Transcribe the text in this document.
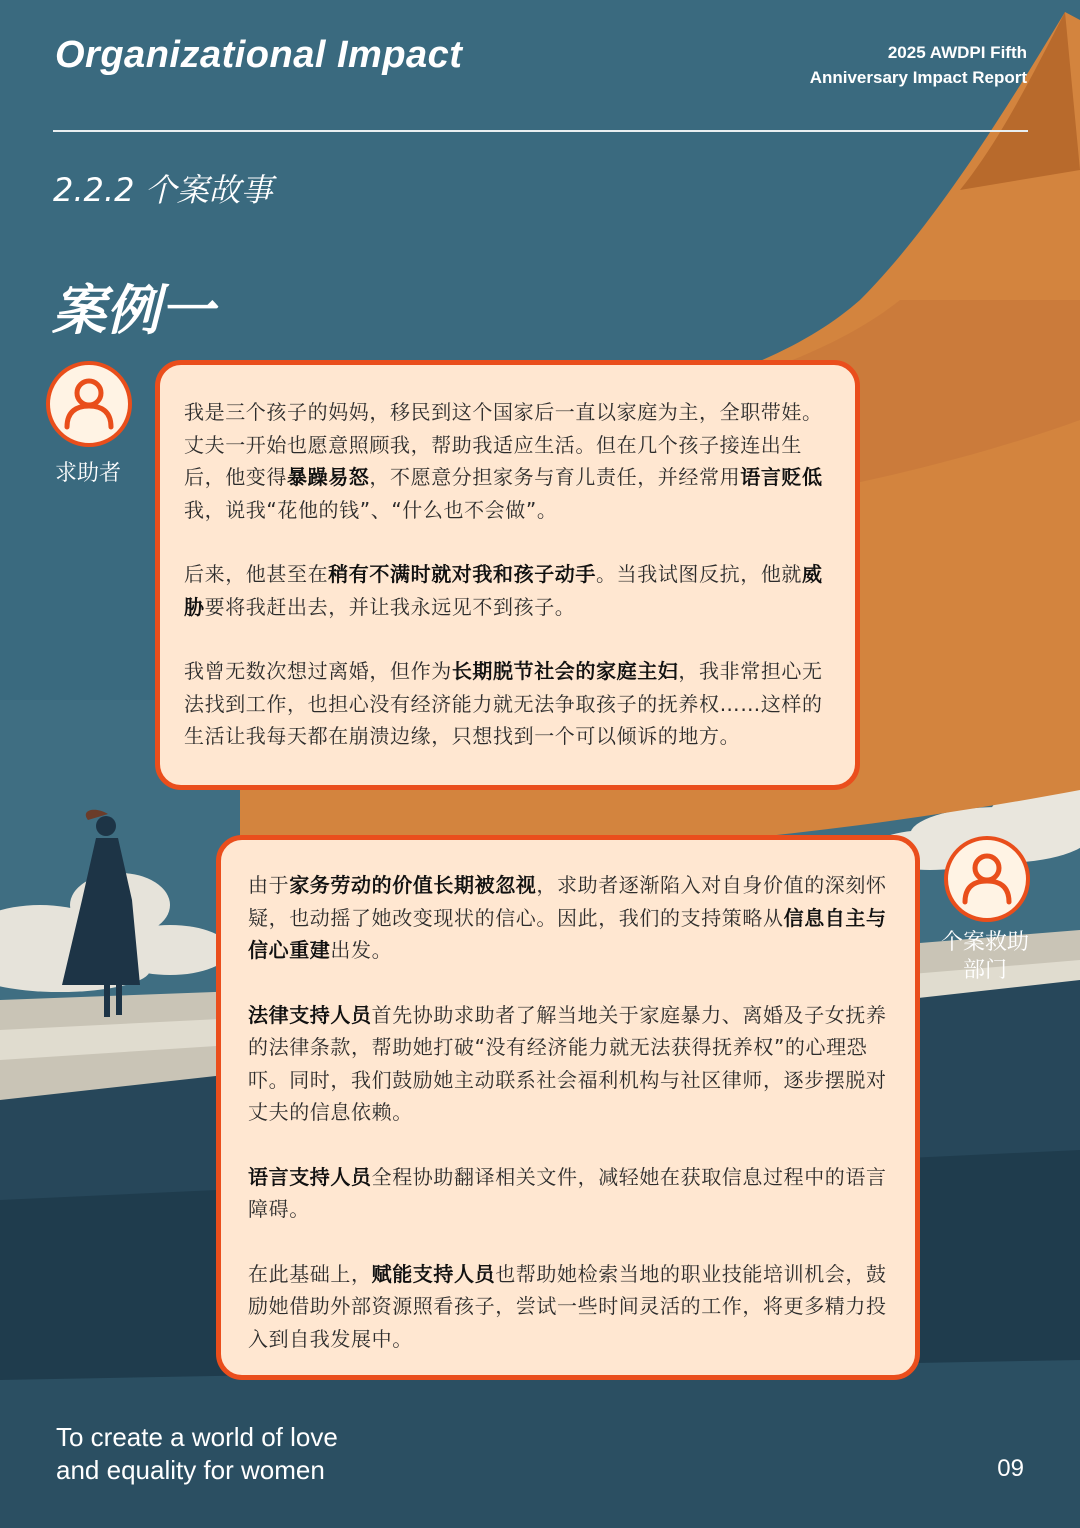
Organizational Impact	2025 AWDPI Fifth
Anniversary Impact Report
2.2.2 个案故事
案例一
求助者

我是三个孩子的妈妈，移民到这个国家后一直以家庭为主，全职带娃。丈夫一开始也愿意照顾我，帮助我适应生活。但在几个孩子接连出生后，他变得暴躁易怒，不愿意分担家务与育儿责任，并经常用语言贬低我，说我“花他的钱”、“什么也不会做”。

后来，他甚至在稍有不满时就对我和孩子动手。当我试图反抗，他就威胁要将我赶出去，并让我永远见不到孩子。

我曾无数次想过离婚，但作为长期脱节社会的家庭主妇，我非常担心无法找到工作，也担心没有经济能力就无法争取孩子的抚养权……这样的生活让我每天都在崩溃边缘，只想找到一个可以倾诉的地方。

个案救助部门

由于家务劳动的价值长期被忽视，求助者逐渐陷入对自身价值的深刻怀疑，也动摇了她改变现状的信心。因此，我们的支持策略从信息自主与信心重建出发。

法律支持人员首先协助求助者了解当地关于家庭暴力、离婚及子女抚养的法律条款，帮助她打破“没有经济能力就无法获得抚养权”的心理恐吓。同时，我们鼓励她主动联系社会福利机构与社区律师，逐步摆脱对丈夫的信息依赖。

语言支持人员全程协助翻译相关文件，减轻她在获取信息过程中的语言障碍。

在此基础上，赋能支持人员也帮助她检索当地的职业技能培训机会，鼓励她借助外部资源照看孩子，尝试一些时间灵活的工作，将更多精力投入到自我发展中。

To create a world of love
and equality for women	09
